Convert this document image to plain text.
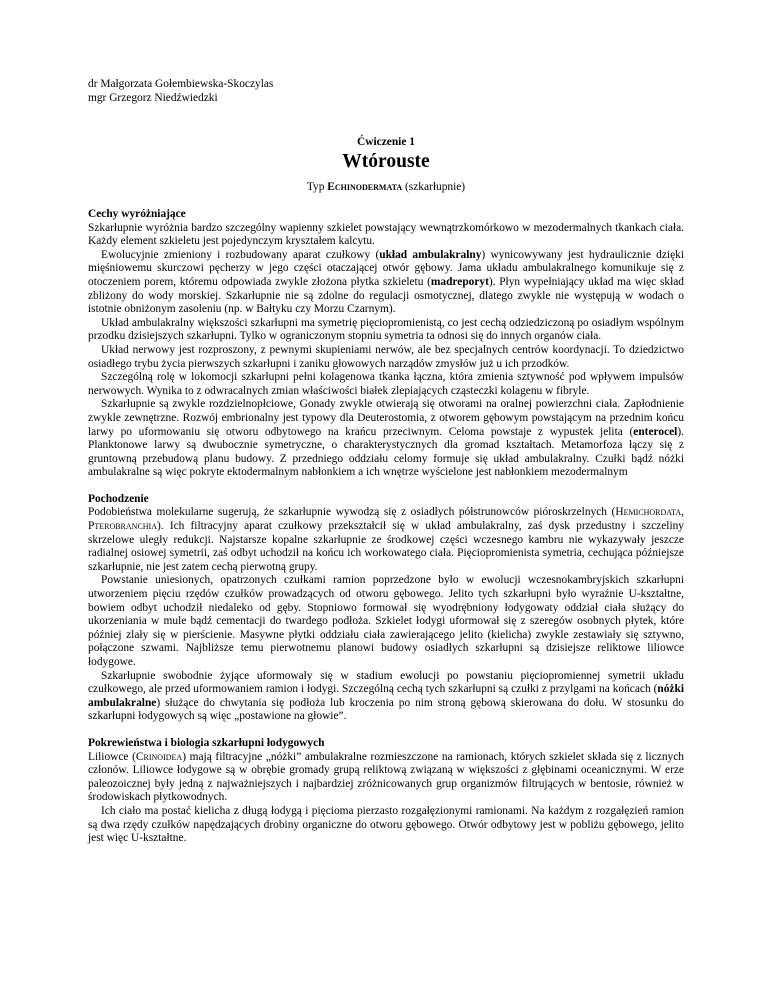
dr Małgorzata Gołembiewska-Skoczylas
mgr Grzegorz Niedźwiedzki
Ćwiczenie 1
Wtórouste
Typ Echinodermata (szkarłupnie)
Cechy wyróżniające

Szkarłupnie wyróżnia bardzo szczególny wapienny szkielet powstający wewnątrzkomórkowo w mezodermalnych tkankach ciała. Każdy element szkieletu jest pojedynczym kryształem kalcytu.

Ewolucyjnie zmieniony i rozbudowany aparat czułkowy (układ ambulakralny) wynicowywany jest hydraulicznie dzięki mięśniowemu skurczowi pęcherzy w jego części otaczającej otwór gębowy. Jama układu ambulakralnego komunikuje się z otoczeniem porem, któremu odpowiada zwykle złożona płytka szkieletu (madreporyt). Płyn wypełniający układ ma więc skład zbliżony do wody morskiej. Szkarłupnie nie są zdolne do regulacji osmotycznej, dlatego zwykle nie występują w wodach o istotnie obniżonym zasoleniu (np. w Bałtyku czy Morzu Czarnym).

Układ ambulakralny większości szkarłupni ma symetrię pięciopromienistą, co jest cechą odziedziczoną po osiadłym wspólnym przodku dzisiejszych szkarłupni. Tylko w ograniczonym stopniu symetria ta odnosi się do innych organów ciała.

Układ nerwowy jest rozproszony, z pewnymi skupieniami nerwów, ale bez specjalnych centrów koordynacji. To dziedzictwo osiadłego trybu życia pierwszych szkarłupni i zaniku głowowych narządów zmysłów już u ich przodków.

Szczególną rolę w lokomocji szkarłupni pełni kolagenowa tkanka łączna, która zmienia sztywność pod wpływem impulsów nerwowych. Wynika to z odwracalnych zmian właściwości białek zlepiających cząsteczki kolagenu w fibryle.

Szkarłupnie są zwykle rozdzielnopłciowe, Gonady zwykle otwierają się otworami na oralnej powierzchni ciała. Zapłodnienie zwykle zewnętrzne. Rozwój embrionalny jest typowy dla Deuterostomia, z otworem gębowym powstającym na przednim końcu larwy po uformowaniu się otworu odbytowego na krańcu przeciwnym. Celoma powstaje z wypustek jelita (enterocel). Planktonowe larwy są dwubocznie symetryczne, o charakterystycznych dla gromad kształtach. Metamorfoza łączy się z gruntowną przebudową planu budowy. Z przedniego oddziału celomy formuje się układ ambulakralny. Czułki bądź nóżki ambulakralne są więc pokryte ektodermalnym nabłonkiem a ich wnętrze wyścielone jest nabłonkiem mezodermalnym

Pochodzenie

Podobieństwa molekularne sugerują, że szkarłupnie wywodzą się z osiadłych półstrunowców pióroskrzelnych (Hemichordata, Pterobranchia). Ich filtracyjny aparat czułkowy przekształcił się w układ ambulakralny, zaś dysk przedustny i szczeliny skrzelowe uległy redukcji. Najstarsze kopalne szkarłupnie ze środkowej części wczesnego kambru nie wykazywały jeszcze radialnej osiowej symetrii, zaś odbyt uchodził na końcu ich workowatego ciała. Pięciopromienista symetria, cechująca późniejsze szkarłupnie, nie jest zatem cechą pierwotną grupy.

Powstanie uniesionych, opatrzonych czułkami ramion poprzedzone było w ewolucji wczesnokambryjskich szkarłupni utworzeniem pięciu rzędów czułków prowadzących od otworu gębowego. Jelito tych szkarłupni było wyraźnie U-kształtne, bowiem odbyt uchodził niedaleko od gęby. Stopniowo formował się wyodrębniony łodygowaty oddział ciała służący do ukorzeniania w mule bądź cementacji do twardego podłoża. Szkielet łodygi uformował się z szeregów osobnych płytek, które później zlały się w pierścienie. Masywne płytki oddziału ciała zawierającego jelito (kielicha) zwykle zestawiały się sztywno, połączone szwami. Najbliższe temu pierwotnemu planowi budowy osiadłych szkarłupni są dzisiejsze reliktowe liliowce łodygowe.

Szkarłupnie swobodnie żyjące uformowały się w stadium ewolucji po powstaniu pięciopromiennej symetrii układu czułkowego, ale przed uformowaniem ramion i łodygi. Szczególną cechą tych szkarłupni są czułki z przylgami na końcach (nóżki ambulakralne) służące do chwytania się podłoża lub kroczenia po nim stroną gębową skierowana do dołu. W stosunku do szkarłupni łodygowych są więc „postawione na głowie”.

Pokrewieństwa i biologia szkarłupni łodygowych

Liliowce (Crinoidea) mają filtracyjne „nóżki” ambulakralne rozmieszczone na ramionach, których szkielet składa się z licznych członów. Liliowce łodygowe są w obrębie gromady grupą reliktową związaną w większości z głębinami oceanicznymi. W erze paleozoicznej były jedną z najważniejszych i najbardziej zróżnicowanych grup organizmów filtrujących w bentosie, również w środowiskach płytkowodnych.

Ich ciało ma postać kielicha z długą łodygą i pięcioma pierzasto rozgałęzionymi ramionami. Na każdym z rozgałęzień ramion są dwa rzędy czułków napędzających drobiny organiczne do otworu gębowego. Otwór odbytowy jest w pobliżu gębowego, jelito jest więc U-kształtne.
